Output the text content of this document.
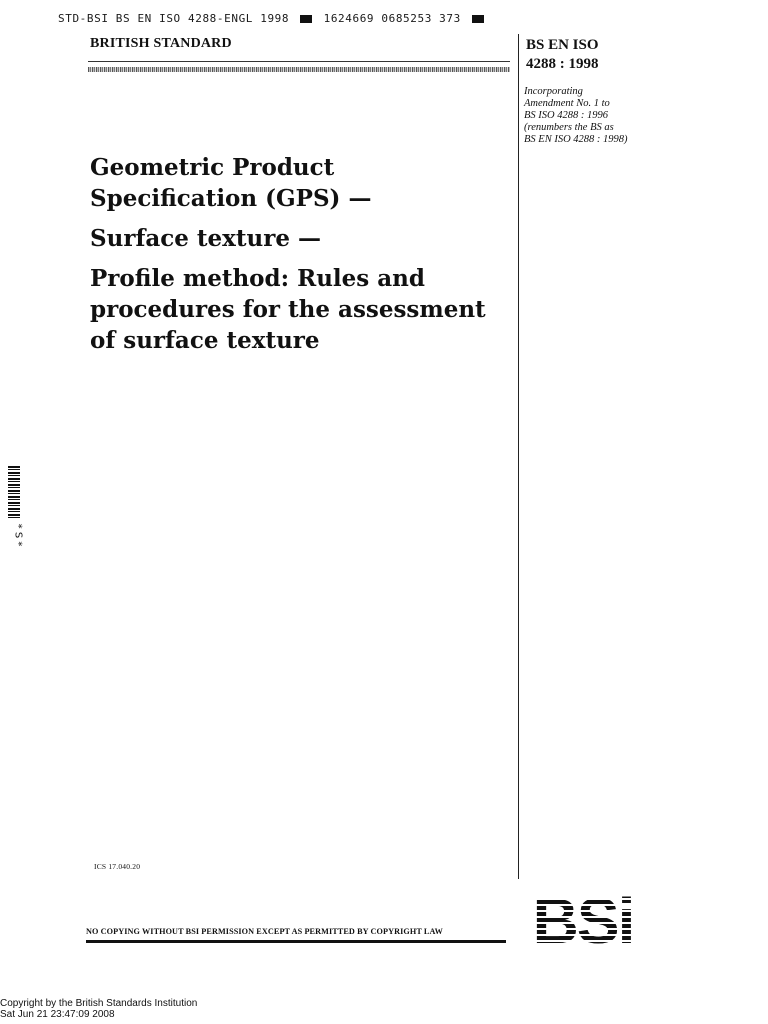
STD-BSI BS EN ISO 4288-ENGL 1998	1624669 0685253 373
BRITISH STANDARD	BS EN ISO
4288 : 1998
Incorporating
Amendment No. 1 to
BS ISO 4288 : 1996
(renumbers the BS as
BS EN ISO 4288 : 1998)
Geometric Product
Specification (GPS) —
Surface texture —
Profile method: Rules and
procedures for the assessment
of surface texture
* S *
ICS 17.040.20
NO COPYING WITHOUT BSI PERMISSION EXCEPT AS PERMITTED BY COPYRIGHT LAW
Copyright by the British Standards Institution
Sat Jun 21 23:47:09 2008
